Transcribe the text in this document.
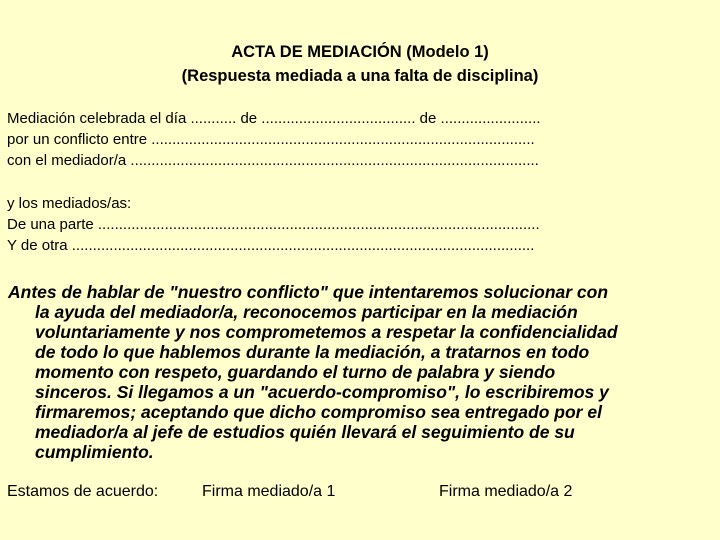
ACTA DE MEDIACIÓN (Modelo 1)
(Respuesta mediada a una falta de disciplina)
Mediación celebrada el día ........... de ..................................... de ........................
por un conflicto entre ............................................................................................
con el mediador/a ..................................................................................................
y los mediados/as:
De una parte ..........................................................................................................
Y de otra ...............................................................................................................
Antes de hablar de "nuestro conflicto" que intentaremos solucionar con
la ayuda del mediador/a, reconocemos participar en la mediación
voluntariamente y nos comprometemos a respetar la confidencialidad
de todo lo que hablemos durante la mediación, a tratarnos en todo
momento con respeto, guardando el turno de palabra y siendo
sinceros. Si llegamos a un "acuerdo-compromiso", lo escribiremos y
firmaremos; aceptando que dicho compromiso sea entregado por el
mediador/a al jefe de estudios quién llevará el seguimiento de su
cumplimiento.
Estamos de acuerdo:	Firma mediado/a 1	Firma mediado/a 2
